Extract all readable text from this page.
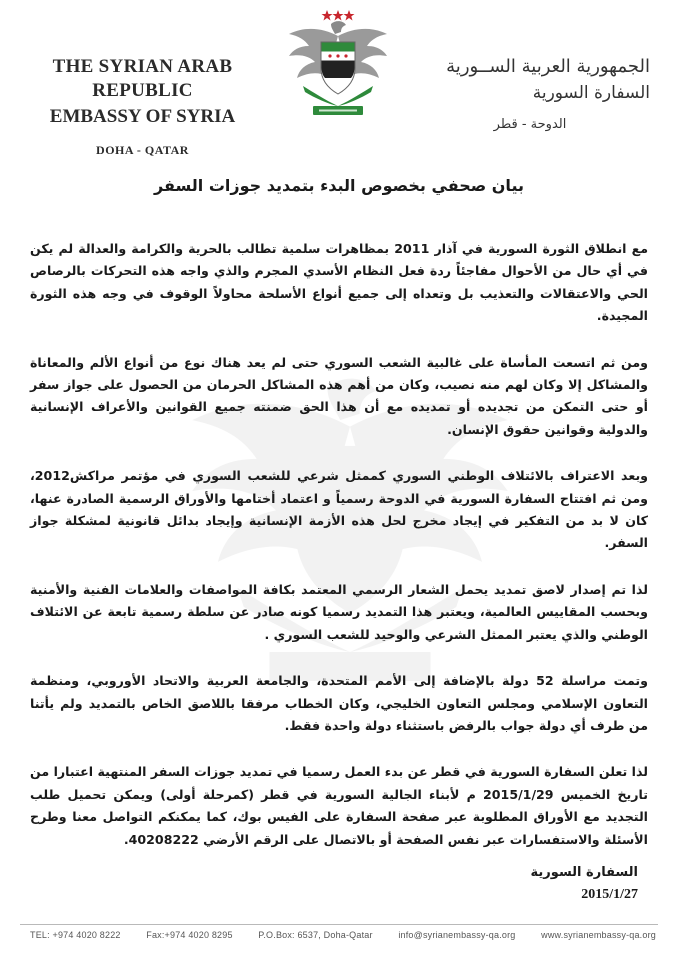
THE SYRIAN ARAB REPUBLIC
EMBASSY OF SYRIA
DOHA - QATAR
الجمهورية العربية الســورية
السفارة السورية
الدوحة - قطر
بيان صحفي بخصوص البدء بتمديد جوزات السفر

مع انطلاق الثورة السورية في آذار 2011 بمظاهرات سلمية تطالب بالحرية والكرامة والعدالة لم يكن في أي حال من الأحوال مفاجئاً ردة فعل النظام الأسدي المجرم والذي واجه هذه التحركات بالرصاص الحي والاعتقالات والتعذيب بل وتعداه إلى جميع أنواع الأسلحة محاولاً الوقوف في وجه هذه الثورة المجيدة.

ومن ثم اتسعت المأساة على غالبية الشعب السوري حتى لم يعد هناك نوع من أنواع الألم والمعاناة والمشاكل إلا وكان لهم منه نصيب، وكان من أهم هذه المشاكل الحرمان من الحصول على جواز سفر أو حتى التمكن من تجديده أو تمديده مع أن هذا الحق ضمنته جميع القوانين والأعراف الإنسانية والدولية وقوانين حقوق الإنسان.

وبعد الاعتراف بالائتلاف الوطني السوري كممثل شرعي للشعب السوري في مؤتمر مراكش2012، ومن ثم افتتاح السفارة السورية في الدوحة رسمياً و اعتماد أختامها والأوراق الرسمية الصادرة عنها، كان لا بد من التفكير في إيجاد مخرج لحل هذه الأزمة الإنسانية وإيجاد بدائل قانونية لمشكلة جواز السفر.

لذا تم إصدار لاصق تمديد يحمل الشعار الرسمي المعتمد بكافة المواصفات والعلامات الفنية والأمنية وبحسب المقاييس العالمية، ويعتبر هذا التمديد رسميا كونه صادر عن سلطة رسمية تابعة عن الائتلاف الوطني والذي يعتبر الممثل الشرعي والوحيد للشعب السوري .

وتمت مراسلة 52 دولة بالإضافة إلى الأمم المتحدة، والجامعة العربية والاتحاد الأوروبي، ومنظمة التعاون الإسلامي ومجلس التعاون الخليجي، وكان الخطاب مرفقا باللاصق الخاص بالتمديد ولم يأتنا من طرف أي دولة جواب بالرفض باستثناء دولة واحدة فقط.

لذا تعلن السفارة السورية في قطر عن بدء العمل رسميا في تمديد جوزات السفر المنتهية اعتبارا من تاريخ الخميس 2015/1/29 م لأبناء الجالية السورية في قطر (كمرحلة أولى) ويمكن تحميل طلب التجديد مع الأوراق المطلوبة عبر صفحة السفارة على الفيس بوك، كما يمكنكم التواصل معنا وطرح الأسئلة والاستفسارات عبر نفس الصفحة أو بالاتصال على الرقم الأرضي 40208222.

السفارة السورية
2015/1/27
TEL: +974 4020 8222	Fax:+974 4020 8295	P.O.Box: 6537, Doha-Qatar	info@syrianembassy-qa.org	www.syrianembassy-qa.org
